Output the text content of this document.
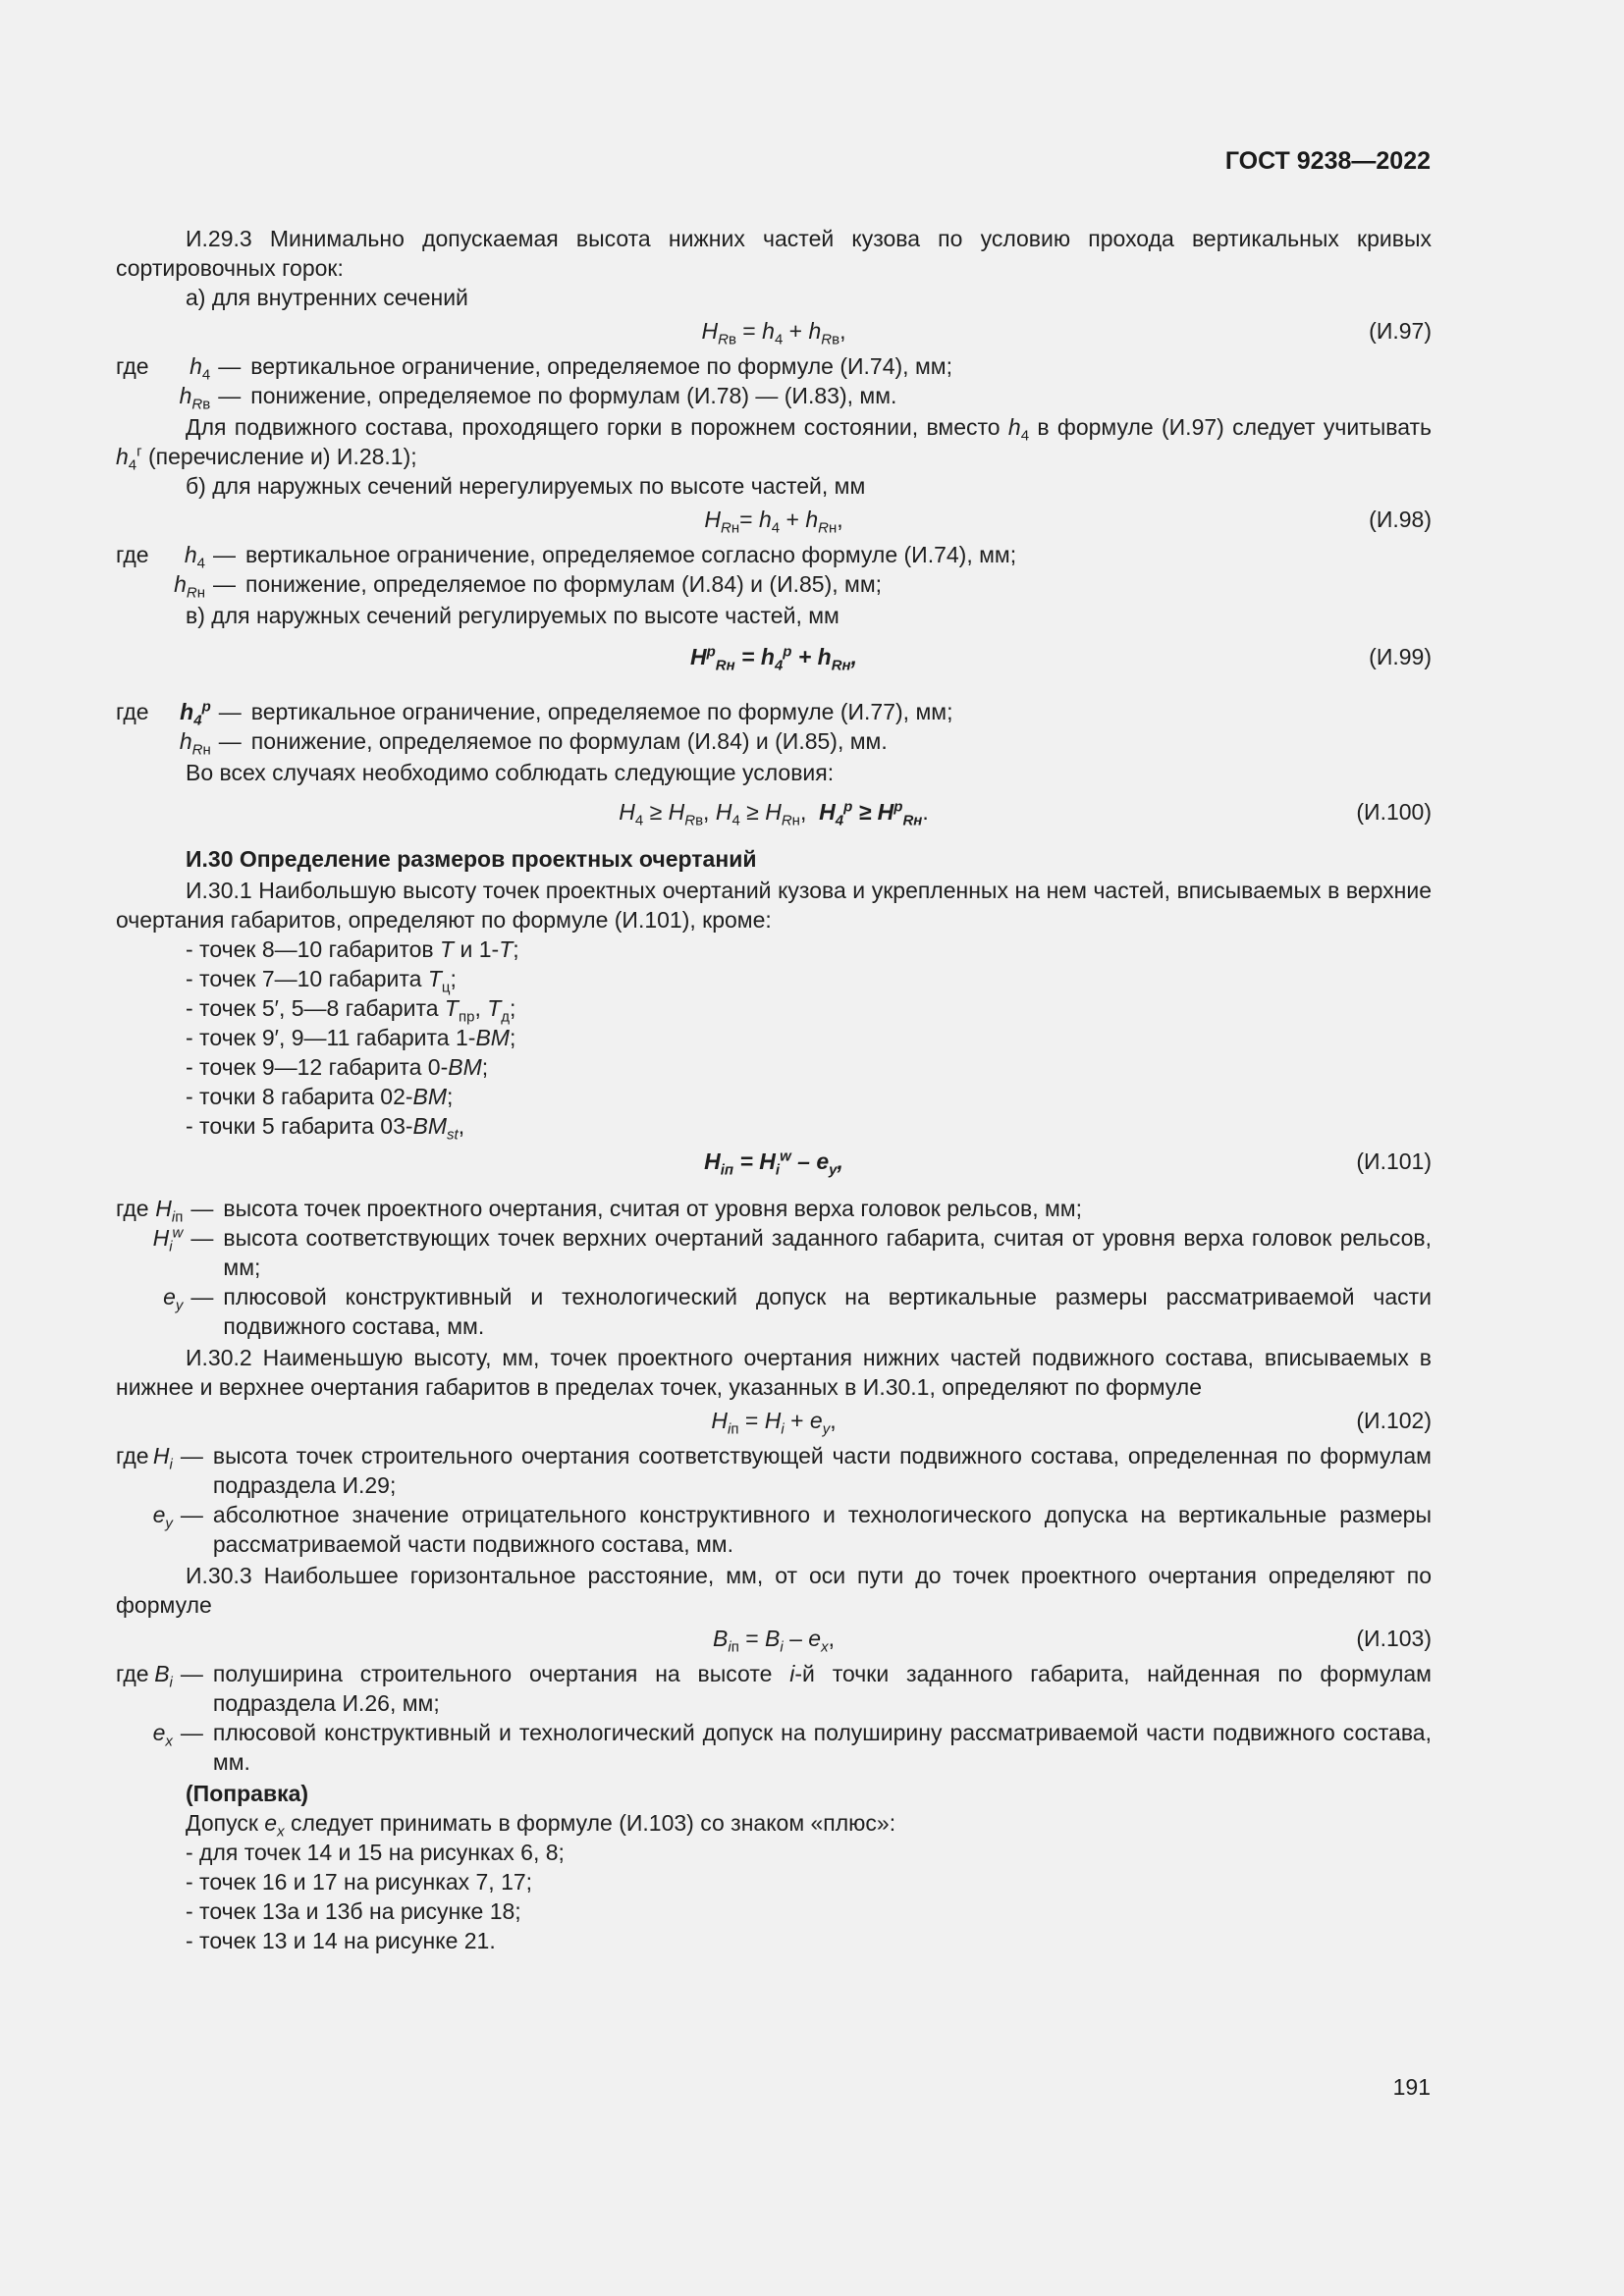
ГОСТ 9238—2022

И.29.3 Минимально допускаемая высота нижних частей кузова по условию прохода вертикальных кривых сортировочных горок:

а) для внутренних сечений

$H_{Rв} = h_4 + h_{Rв}$,	(И.97)
где	$h_4$	—	вертикальное ограничение, определяемое по формуле (И.74), мм;
	$h_{Rв}$	—	понижение, определяемое по формулам (И.78) — (И.83), мм.

Для подвижного состава, проходящего горки в порожнем состоянии, вместо $h_4$ в формуле (И.97) следует учитывать $h_4^г$ (перечисление и) И.28.1);

б) для наружных сечений нерегулируемых по высоте частей, мм

$H_{Rн}= h_4 + h_{Rн}$,	(И.98)
где	$h_4$	—	вертикальное ограничение, определяемое согласно формуле (И.74), мм;
	$h_{Rн}$	—	понижение, определяемое по формулам (И.84) и (И.85), мм;

в) для наружных сечений регулируемых по высоте частей, мм

$H^p_{Rн} = h_4^p + h_{Rн}$,	(И.99)
где	$h_4^p$	—	вертикальное ограничение, определяемое по формуле (И.77), мм;
	$h_{Rн}$	—	понижение, определяемое по формулам (И.84) и (И.85), мм.

Во всех случаях необходимо соблюдать следующие условия:

$H_4 \ge H_{Rв}$, $H_4 \ge H_{Rн}$,  $H_4^p \ge H^p_{Rн}$.	(И.100)

И.30 Определение размеров проектных очертаний

И.30.1 Наибольшую высоту точек проектных очертаний кузова и укрепленных на нем частей, вписываемых в верхние очертания габаритов, определяют по формуле (И.101), кроме:

- точек 8—10 габаритов T и 1-T;

- точек 7—10 габарита $T_ц$;

- точек 5′, 5—8 габарита $T_{пр}$, $T_д$;

- точек 9′, 9—11 габарита 1-ВМ;

- точек 9—12 габарита 0-ВМ;

- точки 8 габарита 02-ВМ;

- точки 5 габарита $03-ВМ_{st}$,

$H_{iп} = H_i^w - e_y$,	(И.101)
где	$H_{iп}$	—	высота точек проектного очертания, считая от уровня верха головок рельсов, мм;
	$H_i^w$	—	высота соответствующих точек верхних очертаний заданного габарита, считая от уровня верха головок рельсов, мм;
	$e_y$	—	плюсовой конструктивный и технологический допуск на вертикальные размеры рассматриваемой части подвижного состава, мм.

И.30.2 Наименьшую высоту, мм, точек проектного очертания нижних частей подвижного состава, вписываемых в нижнее и верхнее очертания габаритов в пределах точек, указанных в И.30.1, определяют по формуле

$H_{iп} = H_i + e_y$,	(И.102)
где	$H_i$	—	высота точек строительного очертания соответствующей части подвижного состава, определенная по формулам подраздела И.29;
	$e_y$	—	абсолютное значение отрицательного конструктивного и технологического допуска на вертикальные размеры рассматриваемой части подвижного состава, мм.

И.30.3 Наибольшее горизонтальное расстояние, мм, от оси пути до точек проектного очертания определяют по формуле

$B_{iп} = B_i - e_x$,	(И.103)
где	$B_i$	—	полуширина строительного очертания на высоте i-й точки заданного габарита, найденная по формулам подраздела И.26, мм;
	$e_x$	—	плюсовой конструктивный и технологический допуск на полуширину рассматриваемой части подвижного состава, мм.

(Поправка)

Допуск $e_x$ следует принимать в формуле (И.103) со знаком «плюс»:

- для точек 14 и 15 на рисунках 6, 8;

- точек 16 и 17 на рисунках 7, 17;

- точек 13а и 13б на рисунке 18;

- точек 13 и 14 на рисунке 21.

191
